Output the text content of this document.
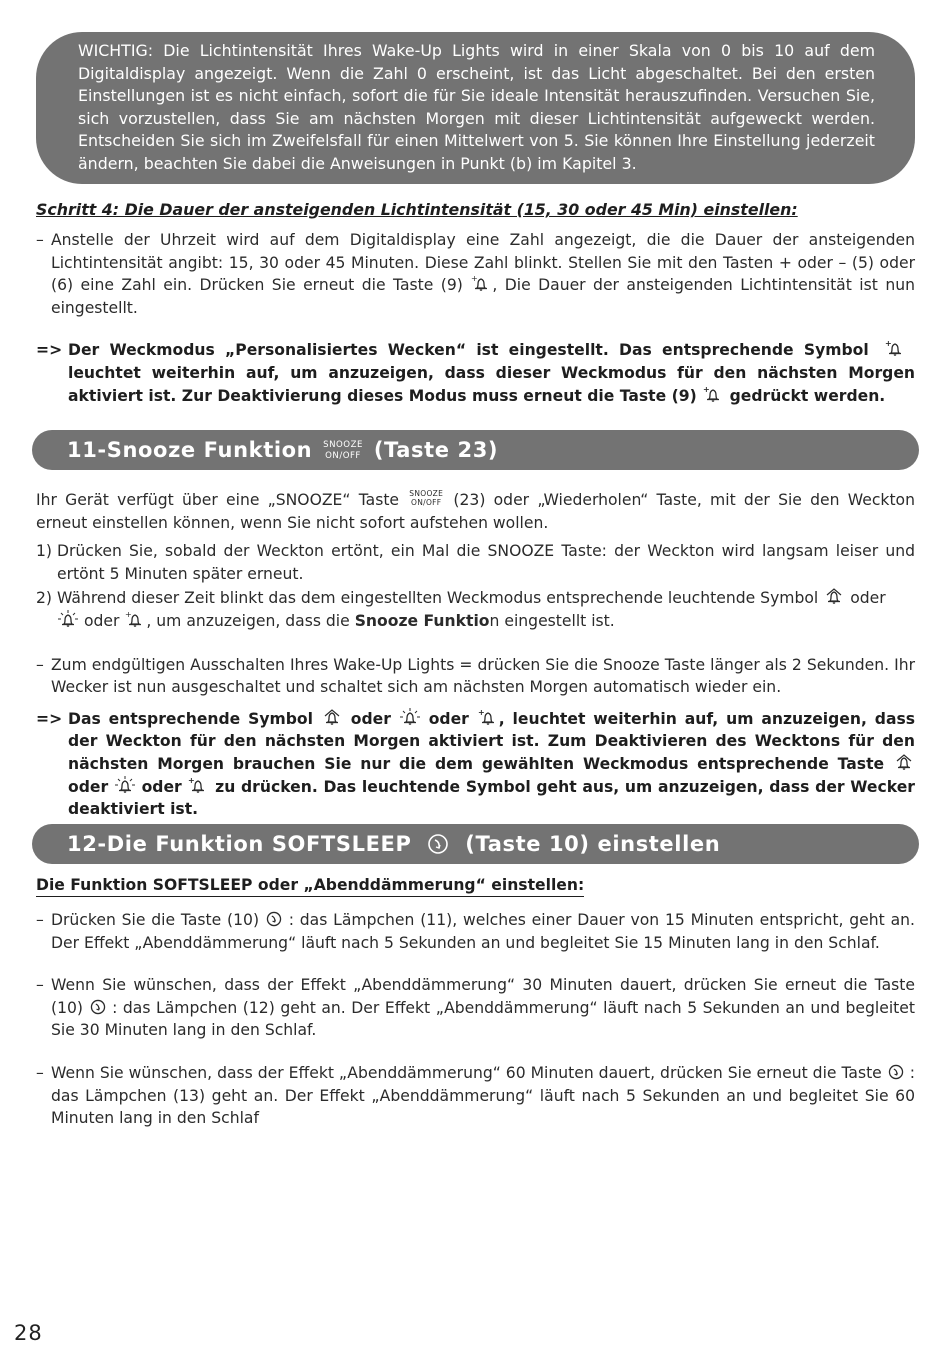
WICHTIG: Die Lichtintensität Ihres Wake-Up Lights wird in einer Skala von 0 bis 10 auf dem Digitaldisplay angezeigt. Wenn die Zahl 0 erscheint, ist das Licht abgeschaltet. Bei den ersten Einstellungen ist es nicht einfach, sofort die für Sie ideale Intensität herauszufinden. Versuchen Sie, sich vorzustellen, dass Sie am nächsten Morgen mit dieser Lichtintensität aufgeweckt werden. Entscheiden Sie sich im Zweifelsfall für einen Mittelwert von 5. Sie können Ihre Einstellung jederzeit ändern, beachten Sie dabei die Anweisungen in Punkt (b) im Kapitel 3.

Schritt 4: Die Dauer der ansteigenden Lichtintensität (15, 30 oder 45 Min) einstellen:

– Anstelle der Uhrzeit wird auf dem Digitaldisplay eine Zahl angezeigt, die die Dauer der ansteigenden Lichtintensität angibt: 15, 30 oder 45 Minuten. Diese Zahl blinkt. Stellen Sie mit den Tasten + oder – (5) oder (6) eine Zahl ein. Drücken Sie erneut die Taste (9) + , Die Dauer der ansteigenden Lichtintensität ist nun eingestellt.

=> Der Weckmodus „Personalisiertes Wecken“ ist eingestellt. Das entsprechende Symbol +
leuchtet weiterhin auf, um anzuzeigen, dass dieser Weckmodus für den nächsten Morgen aktiviert ist. Zur Deaktivierung dieses Modus muss erneut die Taste (9) + gedrückt werden.

11-Snooze Funktion SNOOZE
ON/OFF (Taste 23)

Ihr Gerät verfügt über eine „SNOOZE“ Taste SNOOZE
ON/OFF (23) oder „Wiederholen“ Taste, mit der Sie den Weckton erneut einstellen können, wenn Sie nicht sofort aufstehen wollen.

1) Drücken Sie, sobald der Weckton ertönt, ein Mal die SNOOZE Taste: der Weckton wird langsam leiser und ertönt 5 Minuten später erneut.

2) Während dieser Zeit blinkt das dem eingestellten Weckmodus entsprechende leuchtende Symbol oder

oder + , um anzuzeigen, dass die Snooze Funktion eingestellt ist.

– Zum endgültigen Ausschalten Ihres Wake-Up Lights = drücken Sie die Snooze Taste länger als 2 Sekunden. Ihr Wecker ist nun ausgeschaltet und schaltet sich am nächsten Morgen automatisch wieder ein.

=> Das entsprechende Symbol oder oder + , leuchtet weiterhin auf, um anzuzeigen, dass der Weckton für den nächsten Morgen aktiviert ist. Zum Deaktivieren des Wecktons für den nächsten Morgen brauchen Sie nur die dem gewählten Weckmodus entsprechende Taste
oder oder + zu drücken. Das leuchtende Symbol geht aus, um anzuzeigen, dass der Wecker deaktiviert ist.

12-Die Funktion SOFTSLEEP	(Taste 10) einstellen

Die Funktion SOFTSLEEP oder „Abenddämmerung“ einstellen:

– Drücken Sie die Taste (10) : das Lämpchen (11), welches einer Dauer von 15 Minuten entspricht, geht an. Der Effekt „Abenddämmerung“ läuft nach 5 Sekunden an und begleitet Sie 15 Minuten lang in den Schlaf.

– Wenn Sie wünschen, dass der Effekt „Abenddämmerung“ 30 Minuten dauert, drücken Sie erneut die Taste (10) : das Lämpchen (12) geht an. Der Effekt „Abenddämmerung“ läuft nach 5 Sekunden an und begleitet Sie 30 Minuten lang in den Schlaf.

– Wenn Sie wünschen, dass der Effekt „Abenddämmerung“ 60 Minuten dauert, drücken Sie erneut die Taste
: das Lämpchen (13) geht an. Der Effekt „Abenddämmerung“ läuft nach 5 Sekunden an und begleitet Sie 60 Minuten lang in den Schlaf

28
